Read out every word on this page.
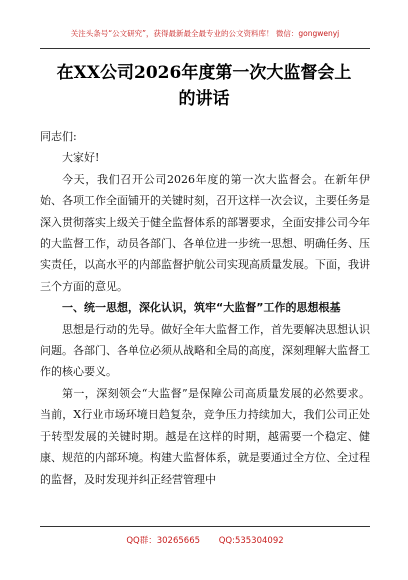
关注头条号“公文研究”，获得最新最全最专业的公文资料库！ 微信：gongwenyj
在XX公司2026年度第一次大监督会上的讲话

同志们:

大家好!

今天，我们召开公司2026年度的第一次大监督会。在新年伊始、各项工作全面铺开的关键时刻，召开这样一次会议，主要任务是深入贯彻落实上级关于健全监督体系的部署要求，全面安排公司今年的大监督工作，动员各部门、各单位进一步统一思想、明确任务、压实责任，以高水平的内部监督护航公司实现高质量发展。下面，我讲三个方面的意见。

一、统一思想，深化认识，筑牢“大监督”工作的思想根基

思想是行动的先导。做好全年大监督工作，首先要解决思想认识问题。各部门、各单位必须从战略和全局的高度，深刻理解大监督工作的核心要义。

第一，深刻领会“大监督”是保障公司高质量发展的必然要求。当前，X行业市场环境日趋复杂，竞争压力持续加大，我们公司正处于转型发展的关键时期。越是在这样的时期，越需要一个稳定、健康、规范的内部环境。构建大监督体系，就是要通过全方位、全过程的监督，及时发现并纠正经营管理中

QQ群：30265665 QQ:535304092
